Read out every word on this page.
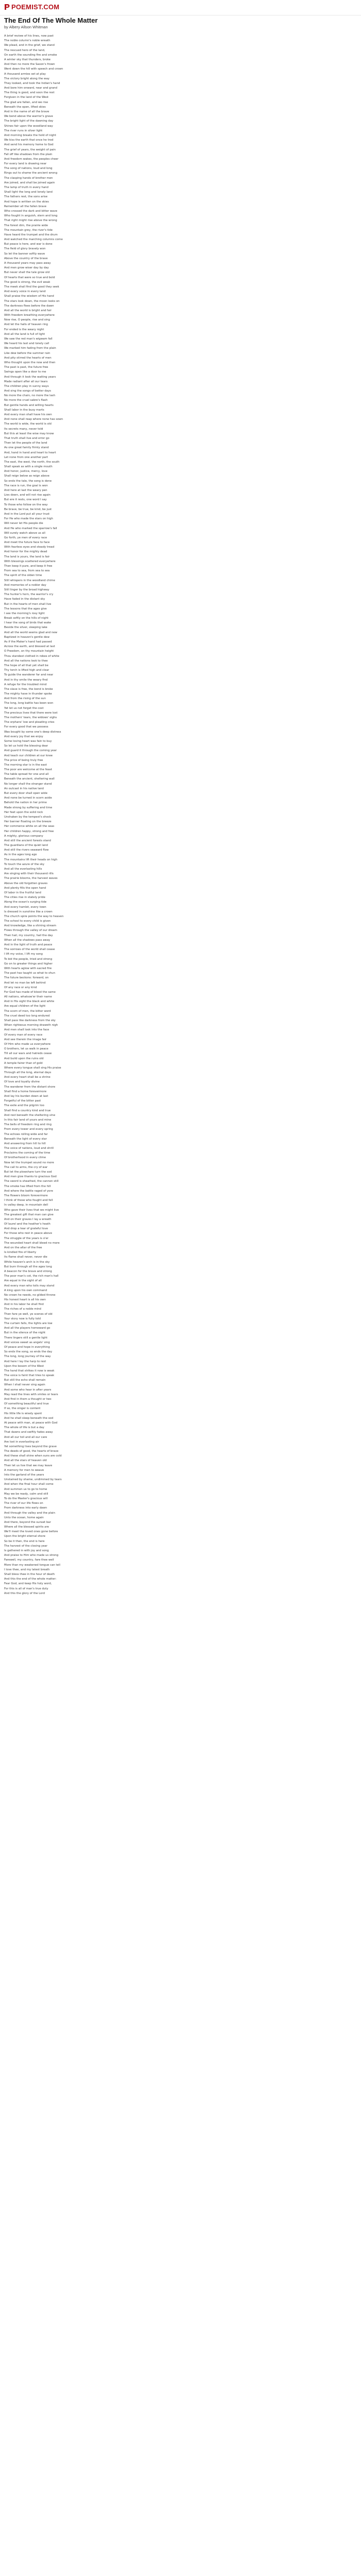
POEMIST.COM
The End Of The Whole Matter
by Albery Allson Whitman
A brief review of his lines, now past
The noble column's noble wreath
We plead, and in the grief, we stand
The rescued hero of the land,
On earth the sounding fire and smoke
A winter sky that thunders, broke
And then no more the Saxon's frown
Went down the hill with speech and crown
A thousand armies set at play
The victory bright along the way
They looked, and took the Indian's hand
And bore him onward, near and grand
The thing is good, and soon the rest
Forgiven in the land of the West
The glad are fallen, and we rise
Beneath the open, lifted skies
And in the name of all the brave
We bend above the warrior's grave
The bright light of the dawning day
Shines fair upon the woodland way
The river runs in silver light
And morning breaks the hold of night
We kiss the earth that once he trod
And send his memory home to God
The grief of years, the weight of pain
Fall off like shadows from the plain
And freedom wakes, the peoples cheer
For every land is drawing near
The song of nations, loud and long
Rings out to shame the ancient wrong
The clasping hands of brother men
Are joined, and shall be joined again
The lamp of truth in every hand
Shall light the long and lonely land
The fathers rest, the sons arise
And hope is written on the skies
Remember all the fallen brave
Who crossed the dark and bitter wave
Who fought in anguish, stern and long
That right might rise above the wrong
The forest dim, the prairie wide
The mountain grey, the river's tide
Have heard the trumpet and the drum
And watched the marching columns come
But peace is here, and war is done
The field of glory bravely won
So let the banner softly wave
Above the country of the brave
A thousand years may pass away
And men grow wiser day by day
But never shall the tale grow old
Of hearts that were so true and bold
The good is strong, the evil weak
The meek shall find the good they seek
And every voice in every land
Shall praise the wisdom of His hand
The stars look down, the moon looks on
The darkness flees before the dawn
And all the world is bright and fair
With freedom breathing everywhere
Now rise, O people, rise and sing
And let the halls of heaven ring
For ended is the weary night
And all the land is full of light
We saw the red man's wigwam fall
We heard his last and lonely call
We marked him fading from the plain
Like dew before the summer rain
And pity stirred the hearts of men
Who thought upon the now and then
The past is past, the future free
Swings open like a door to me
And through it look the waiting years
Made radiant after all our tears
The children play in sunny ways
And sing the songs of better days
No more the chain, no more the lash
No more the cruel sabre's flash
But gentle hands and willing hearts
Shall labor in the busy marts
And every man shall have his own
And none shall reap where none has sown
The world is wide, the world is old
Its secrets many, never told
But this at least the wise may know
That truth shall live and error go
Then let the people of the land
As one great family firmly stand
And, hand in hand and heart to heart
Let none from one another part
The east, the west, the north, the south
Shall speak as with a single mouth
And honor, justice, mercy, love
Shall reign below as reign above
So ends the tale, the song is done
The race is run, the goal is won
And here at last the weary pen
Lies down, and will not rise again
But ere it rests, one word I say
To those who follow on the way
Be brave, be true, be kind, be just
And in the Lord put all your trust
For He who made the stars on high
Will never let His people die
And He who marked the sparrow's fall
Will surely watch above us all
Go forth, ye men of every race
And meet the future face to face
With fearless eyes and steady tread
And honor for the mighty dead
The land is yours, the land is fair
With blessings scattered everywhere
Then keep it pure, and keep it free
From sea to sea, from sea to sea
The spirit of the olden time
Still whispers in the woodland chime
And memories of a nobler day
Still linger by the broad highway
The hunter's horn, the warrior's cry
Have faded in the distant sky
But in the hearts of men shall live
The lessons that the ages give
I see the morning's rosy light
Break softly on the hills of night
I hear the song of birds that wake
Beside the silver, sleeping lake
And all the world seems glad and new
Baptized in heaven's gentle dew
As if the Maker's hand had passed
Across the earth, and blessed at last
O Freedom, on thy mountain height
Thou standest clothed in robes of white
And all the nations look to thee
The hope of all that yet shall be
Thy torch is lifted high and clear
To guide the wanderer far and near
And in thy smile the weary find
A refuge for the troubled mind
The slave is free, the bond is broke
The mighty have in thunder spoke
And from the rising of the sun
The long, long battle has been won
Yet let us not forget the cost
The precious lives that there were lost
The mothers' tears, the widows' sighs
The orphans' low and pleading cries
For every good that we possess
Was bought by some one's deep distress
And every joy that we enjoy
Some loving heart was fain to buy
So let us hold the blessing dear
And guard it through the coming year
And teach our children at our knee
The price of being truly free
The morning star is in the east
The poor are welcome at the feast
The table spread for one and all
Beneath the ancient, sheltering wall
No longer shall the stranger stand
An outcast in his native land
But every door shall open wide
And none be turned in scorn aside
Behold the nation in her prime
Made strong by suffering and time
Her feet upon the solid rock
Unshaken by the tempest's shock
Her banner floating on the breeze
Her commerce white on all the seas
Her children happy, strong and free
A mighty, glorious company
And still the ancient forests stand
The guardians of the quiet land
And still the rivers seaward flow
As in the ages long ago
The mountains lift their heads on high
To touch the azure of the sky
And all the everlasting hills
Are singing with their thousand rills
The prairie blooms, the harvest waves
Above the old forgotten graves
And plenty fills the open hand
Of labor in the fruitful land
The cities rise in stately pride
Along the ocean's surging tide
And every hamlet, every town
Is dressed in sunshine like a crown
The church spire points the way to heaven
The school to every child is given
And knowledge, like a shining stream
Flows through the valley of our dream
Then hail, my country, hail the day
When all the shadows pass away
And in the light of truth and peace
The sorrows of the world shall cease
I lift my voice, I lift my song
To bid the people, tried and strong
Go on to greater things and higher
With hearts aglow with sacred fire
The past has taught us what to shun
The future beckons: forward, on
And let no man be left behind
Of any race or any kind
For God has made of blood the same
All nations, whatsoe'er their name
And in His sight the black and white
Are equal children of the light
The scorn of men, the bitter word
The cruel deed too long endured
Shall pass like darkness from the sky
When righteous morning draweth nigh
And men shall look into the face
Of every man of every race
And see therein the image fair
Of Him who made us everywhere
O brothers, let us walk in peace
Till all our wars and hatreds cease
And build upon the ruins old
A temple fairer than of gold
Where every tongue shall sing His praise
Through all the long, eternal days
And every heart shall be a shrine
Of love and loyalty divine
The wanderer from the distant shore
Shall find a home forevermore
And lay his burden down at last
Forgetful of the bitter past
The exile and the pilgrim too
Shall find a country kind and true
And rest beneath the sheltering vine
In this fair land of yours and mine
The bells of freedom ring and ring
From every tower and every spring
The echoes rolling wide and far
Beneath the light of every star
And answering from hill to hill
The voice of nations, loud and shrill
Proclaims the coming of the time
Of brotherhood in every clime
Now let the trumpet sound no more
The call to arms, the cry of war
But let the plowshare turn the sod
And men give thanks to gracious God
The sword is sheathed, the cannon still
The smoke has lifted from the hill
And where the battle raged of yore
The flowers bloom forevermore
I think of those who fought and fell
In valley deep, in mountain dell
Who gave their lives that we might live
The greatest gift that man can give
And on their graves I lay a wreath
Of laurel and the heather's heath
And drop a tear of grateful love
For those who rest in peace above
The struggle of the years is o'er
The wounded heart shall bleed no more
And on the altar of the free
Is kindled fire of liberty
Its flame shall never, never die
While heaven's arch is in the sky
But burn through all the ages long
A beacon for the brave and strong
The poor man's cot, the rich man's hall
Are equal in the sight of all
And every man who toils may stand
A king upon his own command
No crown he needs, no gilded throne
His honest heart is all his own
And in his labor he shall find
The riches of a noble mind
Then fare ye well, ye scenes of old
Your story now is fully told
The curtain falls, the lights are low
And all the players homeward go
But in the silence of the night
There lingers still a gentle light
And voices sweet as angels' sing
Of peace and hope in everything
So ends the song, so ends the day
The long, long journey of the way
And here I lay the harp to rest
Upon the bosom of the West
The hand that strikes it now is weak
The voice is faint that tries to speak
But still the echo shall remain
When I shall never sing again
And some who hear in after years
May read the lines with smiles or tears
And find in them a thought or two
Of something beautiful and true
If so, the singer is content
His little life is wisely spent
And he shall sleep beneath the sod
At peace with man, at peace with God
The whole of life is but a day
That dawns and swiftly fades away
And all our toil and all our care
Are lost in everlasting air
Yet something lives beyond the grave
The deeds of good, the hearts of brave
And these shall shine when suns are cold
And all the stars of heaven old
Then let us live that we may leave
A memory for men to weave
Into the garland of the years
Unstained by shame, undimmed by tears
And when the final hour shall come
And summon us to go to home
May we be ready, calm and still
To do the Master's gracious will
The river of our life flows on
From darkness into early dawn
And through the valley and the plain
Unto the ocean, home again
And there, beyond the sunset bar
Where all the blessed spirits are
We'll meet the loved ones gone before
Upon the bright eternal shore
So be it then, the end is here
The harvest of the closing year
Is gathered in with joy and song
And praise to Him who made us strong
Farewell, my country, fare thee well
More than my weakened tongue can tell
I love thee, and my latest breath
Shall bless thee in the hour of death
And this the end of the whole matter:
Fear God, and keep His holy word,
For this is all of man's true duty
And this the glory of the Lord
